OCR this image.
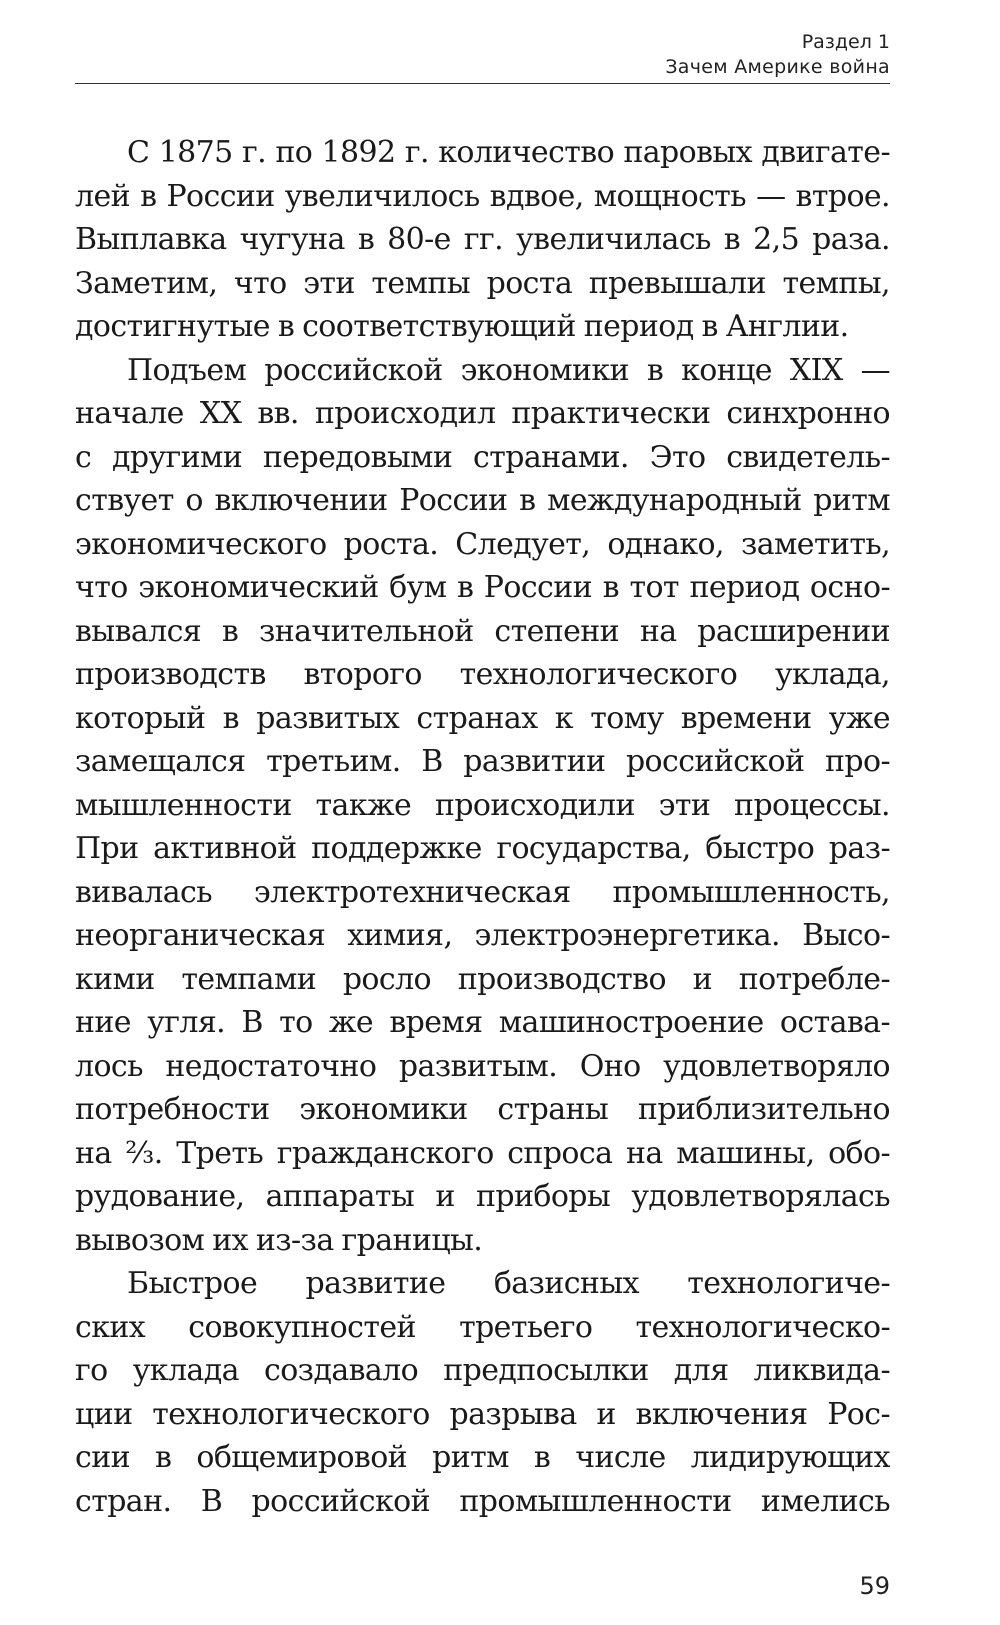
Раздел 1
Зачем Америке война

С 1875 г. по 1892 г. количество паровых двигате-
лей в России увеличилось вдвое, мощность — втрое.
Выплавка чугуна в 80-е гг. увеличилась в 2,5 раза.
Заметим, что эти темпы роста превышали темпы,
достигнутые в соответствующий период в Англии.

Подъем российской экономики в конце XIX —
начале XX вв. происходил практически синхронно
с другими передовыми странами. Это свидетель-
ствует о включении России в международный ритм
экономического роста. Следует, однако, заметить,
что экономический бум в России в тот период осно-
вывался в значительной степени на расширении
производств второго технологического уклада,
который в развитых странах к тому времени уже
замещался третьим. В развитии российской про-
мышленности также происходили эти процессы.
При активной поддержке государства, быстро раз-
вивалась электротехническая промышленность,
неорганическая химия, электроэнергетика. Высо-
кими темпами росло производство и потребле-
ние угля. В то же время машиностроение остава-
лось недостаточно развитым. Оно удовлетворяло
потребности экономики страны приблизительно
на ⅔. Треть гражданского спроса на машины, обо-
рудование, аппараты и приборы удовлетворялась
вывозом их из-за границы.

Быстрое развитие базисных технологиче-
ских совокупностей третьего технологическо-
го уклада создавало предпосылки для ликвида-
ции технологического разрыва и включения Рос-
сии в общемировой ритм в числе лидирующих
стран. В российской промышленности имелись

59
